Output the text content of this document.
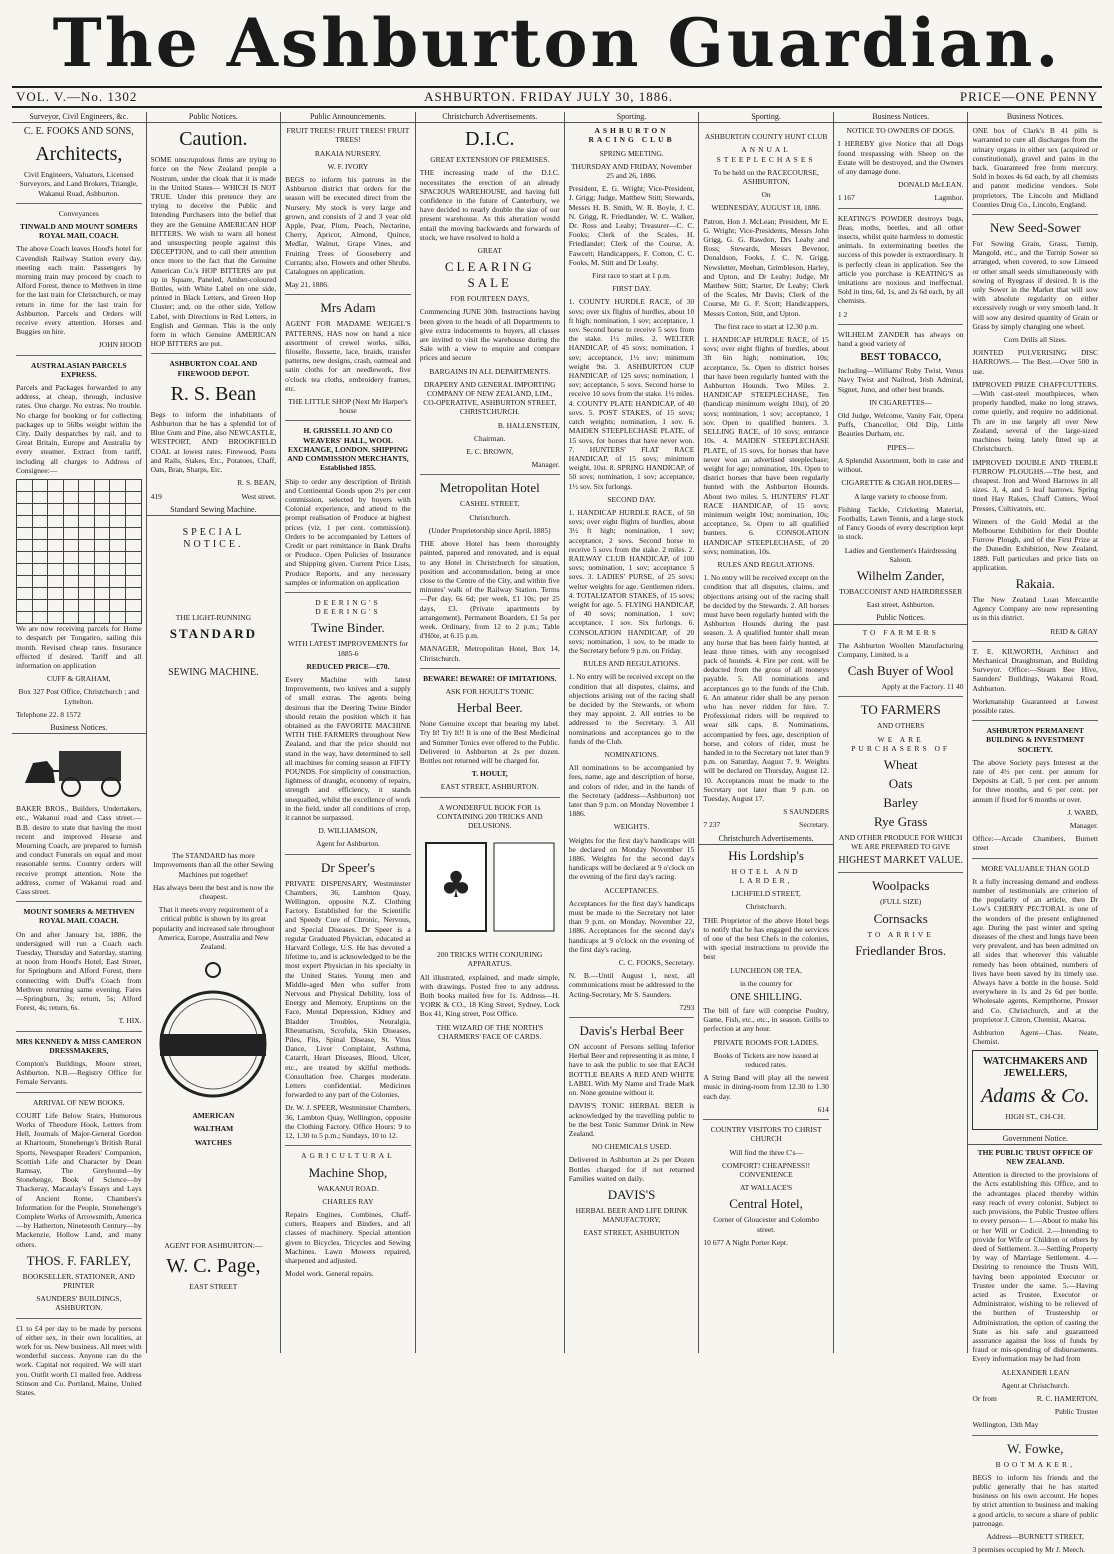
The Ashburton Guardian.
VOL. V.—No. 1302	ASHBURTON. FRIDAY JULY 30, 1886.	PRICE—ONE PENNY
Surveyor, Civil Engineers, &c.
C. E. FOOKS AND SONS,
Architects,

Civil Engineers, Valuators, Licensed Surveyors, and Land Brokers, Triangle, Wakanui Road, Ashburton.

Conveyances

TINWALD AND MOUNT SOMERS ROYAL MAIL COACH.

The above Coach leaves Hood's hotel for Cavendish Railway Station every day, meeting each train. Passengers by morning train may proceed by coach to Alford Forest, thence to Methven in time for the last train for Christchurch, or may return in time for the last train for Ashburton. Parcels and Orders will receive every attention. Horses and Buggies on hire.

JOHN HOOD

AUSTRALASIAN PARCELS EXPRESS.

Parcels and Packages forwarded to any address, at cheap, through, inclusive rates. One charge. No extras. No trouble. No charge for booking or for collecting packages up to 56lbs weight within the City. Daily despatches by rail, and to Great Britain, Europe and Australia by every steamer. Extract from tariff, including all charges to Address of Consignee:—

We are now receiving parcels for Home to despatch per Tongariro, sailing this month. Revised cheap rates. Insurance effected if desired. Tariff and all information on application

CUFF & GRAHAM,

Box 327 Post Office, Christchurch ; and Lyttelton.

Telephone 22. 8 1572

Business Notices.

BAKER BROS., Builders, Undertakers, etc., Wakanui road and Cass street.—B.B. desire to state that having the most recent and improved Hearse and Mourning Coach, are prepared to furnish and conduct Funerals on equal and most reasonable terms. Country orders will receive prompt attention. Note the address, corner of Wakanui road and Cass street.

MOUNT SOMERS & METHVEN ROYAL MAIL COACH.

On and after January 1st, 1886, the undersigned will run a Coach each Tuesday, Thursday and Saturday, starting at noon from Hood's Hotel, East Street, for Springburn and Alford Forest, there connecting with Duff's Coach from Methven returning same evening. Fares—Springburn, 3s; return, 5s; Alford Forest, 4s; return, 6s.

T. HIX.

MRS KENNEDY & MISS CAMERON DRESSMAKERS,

Compton's Buildings, Moore street, Ashburton. N.B.—Registry Office for Female Servants.

ARRIVAL OF NEW BOOKS.

COURT Life Below Stairs, Humorous Works of Theodore Hook, Letters from Hell, Journals of Major-General Gordon at Khartoum, Stonehenge's British Rural Sports, Newspaper Readers' Companion, Scottish Life and Character by Dean Ramsay, The Greyhound—by Stonehenge, Book of Science—by Thackeray, Macaulay's Essays and Lays of Ancient Rome, Chambers's Information for the People, Stonehenge's Complete Works of Arrowsmith, America—by Hatherton, Nineteenth Century—by Mackenzie, Hollow Land, and many others.

THOS. F. FARLEY,

BOOKSELLER, STATIONER, AND PRINTER

SAUNDERS' BUILDINGS, ASHBURTON.

£1 to £4 per day to be made by persons of either sex, in their own localities, at work for us. New business. All meet with wonderful success. Anyone can do the work. Capital not required. We will start you. Outfit worth £1 mailed free. Address Stinson and Co. Portland, Maine, United States.

Public Notices.
Caution.

SOME unscrupulous firms are trying to force on the New Zealand people a Nostrum, under the cloak that it is made in the United States— WHICH IS NOT TRUE. Under this pretence they are trying to deceive the Public and Intending Purchasers into the belief that they are the Genuine AMERICAN HOP BITTERS. We wish to warn all honest and unsuspecting people against this DECEPTION, and to call their attention once more to the fact that the Genuine American Co.'s HOP BITTERS are put up in Square, Paneled, Amber-coloured Bottles, with White Label on one side, printed in Black Letters, and Green Hop Cluster; and, on the other side, Yellow Label, with Directions in Red Letters, in English and German. This is the only form in which Genuine AMERICAN HOP BITTERS are put.

ASHBURTON COAL AND FIREWOOD DEPOT.

R. S. Bean

Begs to inform the inhabitants of Ashburton that he has a splendid lot of Blue Gum and Pine, also NEWCASTLE, WESTPORT, AND BROOKFIELD COAL at lowest rates. Firewood, Posts and Rails, Stakes, Etc., Potatoes, Chaff, Oats, Bran, Sharps, Etc.

R. S. BEAN,

419	West street.

Standard Sewing Machine.
SPECIAL NOTICE.

THE LIGHT-RUNNING

STANDARD
SEWING MACHINE.

The STANDARD has more Improvements than all the other Sewing Machines put together!

Has always been the best and is now the cheapest.

That it meets every requirement of a critical public is shown by its great popularity and increased sale throughout America, Europe, Australia and New Zealand.

AMERICAN

WALTHAM

WATCHES

AGENT FOR ASHBURTON:—

W. C. Page,

EAST STREET

Public Announcements.

FRUIT TREES! FRUIT TREES! FRUIT TREES!

RAKAIA NURSERY.

W. F. IVORY

BEGS to inform his patrons in the Ashburton district that orders for the season will be executed direct from the Nursery. My stock is very large and grown, and consists of 2 and 3 year old Apple, Pear, Plum, Peach, Nectarine, Cherry, Apricot, Almond, Quince, Medlar, Walnut, Grape Vines, and Fruiting Trees of Gooseberry and Currants; also, Flowers and other Shrubs. Catalogues on application.

May 21, 1886.

Mrs Adam

AGENT FOR MADAME WEIGEL'S PATTERNS, HAS now on hand a nice assortment of crewel works, silks, filoselle, flossette, lace, braids, transfer patterns, new designs, crash, oatmeal and satin cloths for art needlework, five o'clock tea cloths, embroidery frames, etc.

THE LITTLE SHOP (Next Mr Harper's house

H. GRISSELL JO AND CO WEAVERS' HALL, WOOL EXCHANGE, LONDON. SHIPPING AND COMMISSION MERCHANTS, Established 1855.

Ship to order any description of British and Continental Goods upon 2½ per cent commission, selected by buyers with Colonial experience, and attend to the prompt realisation of Produce at highest prices (viz. 1 per cent. commission). Orders to be accompanied by Letters of Credit or part remittance in Bank Drafts or Produce. Open Policies of Insurance and Shipping given. Current Price Lists, Produce Reports, and any necessary samples or information on application

DEERING'S DEERING'S

Twine Binder.

WITH LATEST IMPROVEMENTS for 1885-6

REDUCED PRICE—£70.

Every Machine with latest Improvements, two knives and a supply of small extras. The agents being desirous that the Deering Twine Binder should retain the position which it has obtained as the FAVORITE MACHINE WITH THE FARMERS throughout New Zealand, and that the price should not stand in the way, have determined to sell all machines for coming season at FIFTY POUNDS. For simplicity of construction, lightness of draught, economy of repairs, strength and efficiency, it stands unequalled, whilst the excellence of work in the field, under all conditions of crop, it cannot be surpassed.

D. WILLIAMSON,

Agent for Ashburton.

Dr Speer's

PRIVATE DISPENSARY, Westminster Chambers, 36, Lambton Quay, Wellington, opposite N.Z. Clothing Factory. Established for the Scientific and Speedy Cure of Chronic, Nervous, and Special Diseases. Dr Speer is a regular Graduated Physician, educated at Harvard College, U.S. He has devoted a lifetime to, and is acknowledged to be the most expert Physician in his specialty in the United States. Young men and Middle-aged Men who suffer from Nervous and Physical Debility, loss of Energy and Memory, Eruptions on the Face, Mental Depression, Kidney and Bladder Troubles, Neuralgia, Rheumatism, Scrofula, Skin Diseases, Piles, Fits, Spinal Disease, St. Vitus Dance, Liver Complaint, Asthma, Catarrh, Heart Diseases, Blood, Ulcer, etc., are treated by skilful methods. Consultation free. Charges moderate. Letters confidential. Medicines forwarded to any part of the Colonies.

Dr. W. J. SPEER, Westminster Chambers, 36, Lambton Quay, Wellington, opposite the Clothing Factory. Office Hours: 9 to 12, 1.30 to 5 p.m.; Sundays, 10 to 12.

AGRICULTURAL

Machine Shop,

WAKANUI ROAD.

CHARLES RAY

Repairs Engines, Combines, Chaff-cutters, Reapers and Binders, and all classes of machinery. Special attention given to Bicycles, Tricycles and Sewing Machines. Lawn Mowers repaired, sharpened and adjusted.

Model work. General repairs.

Christchurch Advertisements.
D.I.C.

GREAT EXTENSION OF PREMISES.

THE increasing trade of the D.I.C. necessitates the erection of an already SPACIOUS WAREHOUSE, and having full confidence in the future of Canterbury, we have decided to nearly double the size of our present warehouse. As this alteration would entail the moving backwards and forwards of stock, we have resolved to hold a

GREAT

CLEARING SALE

FOR FOURTEEN DAYS,

Commencing JUNE 30th. Instructions having been given to the heads of all Departments to give extra inducements to buyers, all classes are invited to visit the warehouse during the Sale with a view to enquire and compare prices and secure

BARGAINS IN ALL DEPARTMENTS.

DRAPERY AND GENERAL IMPORTING COMPANY OF NEW ZEALAND, LIM., CO-OPERATIVE, ASHBURTON STREET, CHRISTCHURCH.

B. HALLENSTEIN,

Chairman.

E. C. BROWN,

Manager.

Metropolitan Hotel

CASHEL STREET,

Christchurch.

(Under Proprietorship since April, 1885)

THE above Hotel has been thoroughly painted, papered and renovated, and is equal to any Hotel in Christchurch for situation, position and accommodation, being at once close to the Centre of the City, and within five minutes' walk of the Railway Station. Terms—Per day, 6s 6d; per week, £1 10s; per 25 days, £3. (Private apartments by arrangement). Permanent Boarders, £1 5s per week. Ordinary, from 12 to 2 p.m.; Table d'Hôte, at 6.15 p.m.

MANAGER, Metropolitan Hotel, Box 14, Christchurch.

BEWARE! BEWARE! OF IMITATIONS.

ASK FOR HOULT'S TONIC

Herbal Beer.

None Genuine except that bearing my label. Try It! Try It!! It is one of the Best Medicinal and Summer Tonics ever offered to the Public. Delivered in Ashburton at 2s per dozen. Bottles not returned will be charged for.

T. HOULT,

EAST STREET, ASHBURTON.

A WONDERFUL BOOK FOR 1s CONTAINING 200 TRICKS AND DELUSIONS.

♣

200 TRICKS WITH CONJURING APPARATUS.

All illustrated, explained, and made simple, with drawings. Posted free to any address. Both books mailed free for 1s. Address—H. YORK & CO., 18 King Street, Sydney, Lock Box 41, King street, Post Office.

THE WIZARD OF THE NORTH'S CHARMERS' FACE OF CARDS.

Sporting.

ASHBURTON RACING CLUB

SPRING MEETING.

THURSDAY AND FRIDAY, November 25 and 26, 1886.

President, E. G. Wright; Vice-President, J. Grigg; Judge, Matthew Stitt; Stewards, Messrs H. B. Smith, W. R. Boyle, J. C. N. Grigg, R. Friedlander, W. C. Walker, Dr. Ross and Leahy; Treasurer—C. C. Fooks; Clerk of the Scales, H. Friedlander; Clerk of the Course, A. Fawcett; Handicappers, F. Cotton, C. C. Fooks, M. Stitt and Dr Leahy.

First race to start at 1 p.m.

FIRST DAY.

1. COUNTY HURDLE RACE, of 30 sovs; over six flights of hurdles, about 10 ft high; nomination, 1 sov; acceptance, 1 sov. Second horse to receive 5 sovs from the stake. 1½ miles. 2. WELTER HANDICAP, of 45 sovs; nomination, 1 sov; acceptance, 1½ sov; minimum weight 9st. 3. ASHBURTON CUP HANDICAP, of 125 sovs; nomination, 1 sov; acceptance, 5 sovs. Second horse to receive 10 sovs from the stake. 1½ miles. 4. COUNTY PLATE HANDICAP, of 40 sovs. 5. POST STAKES, of 15 sovs; catch weights; nomination, 1 sov. 6. MAIDEN STEEPLECHASE PLATE, of 15 sovs, for horses that have never won. 7. HUNTERS' FLAT RACE HANDICAP, of 15 sovs; minimum weight, 10st. 8. SPRING HANDICAP, of 50 sovs; nomination, 1 sov; acceptance, 1½ sov. Six furlongs.

SECOND DAY.

1. HANDICAP HURDLE RACE, of 50 sovs; over eight flights of hurdles, about 3½ ft high; nomination, 1 sov; acceptance, 2 sovs. Second horse to receive 5 sovs from the stake. 2 miles. 2. RAILWAY CLUB HANDICAP, of 100 sovs; nomination, 1 sov; acceptance 5 sovs. 3. LADIES' PURSE, of 25 sovs; welter weights for age. Gentlemen riders. 4. TOTALIZATOR STAKES, of 15 sovs; weight for age. 5. FLYING HANDICAP, of 40 sovs; nomination, 1 sov; acceptance, 1 sov. Six furlongs. 6. CONSOLATION HANDICAP, of 20 sovs; nomination, 1 sov, to be made to the Secretary before 9 p.m. on Friday.

RULES AND REGULATIONS.

1. No entry will be received except on the condition that all disputes, claims, and objections arising out of the racing shall be decided by the Stewards, or whom they may appoint. 2. All entries to be addressed to the Secretary. 3. All nominations and acceptances go to the funds of the Club.

NOMINATIONS.

All nominations to be accompanied by fees, name, age and description of horse, and colors of rider, and in the hands of the Secretary (address—Ashburton) not later than 9 p.m. on Monday November 1 1886.

WEIGHTS.

Weights for the first day's handicaps will be declared on Monday November 15 1886. Weights for the second day's handicaps will be declared at 9 o'clock on the evening of the first day's racing.

ACCEPTANCES.

Acceptances for the first day's handicaps must be made to the Secretary not later than 9 p.m. on Monday, November 22, 1886. Acceptances for the second day's handicaps at 9 o'clock on the evening of the first day's racing.

C. C. FOOKS, Secretary.

N. B.—Until August 1, next, all communications must be addressed to the Acting-Secretary, Mr S. Saunders.

7293

Davis's Herbal Beer

ON account of Persons selling Inferior Herbal Beer and representing it as mine, I have to ask the public to see that EACH BOTTLE BEARS A RED AND WHITE LABEL With My Name and Trade Mark on. None genuine without it.

DAVIS'S TONIC HERBAL BEER is acknowledged by the travelling public to be the best Tonic Summer Drink in New Zealand.

NO CHEMICALS USED.

Delivered in Ashburton at 2s per Dozen Bottles charged for if not returned Families waited on daily.

DAVIS'S

HERBAL BEER AND LIFE DRINK MANUFACTORY,

EAST STREET, ASHBURTON

Sporting.

ASHBURTON COUNTY HUNT CLUB

ANNUAL STEEPLECHASES

To be held on the RACECOURSE, ASHBURTON,

On

WEDNESDAY, AUGUST 18, 1886.

Patron, Hon J. McLean; President, Mr E. G. Wright; Vice-Presidents, Messrs John Grigg, G. G. Rawdon, Drs Leahy and Ross; Stewards, Messrs Bevenor, Donaldson, Fooks, J. C. N. Grigg, Newsletter, Meehan, Grimbleson, Harley, and Upton, and Dr Leahy; Judge, Mr Matthew Stitt; Starter, Dr Leahy; Clerk of the Scales, Mr Davis; Clerk of the Course, Mr G. F. Scott; Handicappers, Messrs Cotton, Stitt, and Upton.

The first race to start at 12.30 p.m.

1. HANDICAP HURDLE RACE, of 15 sovs; over eight flights of hurdles, about 3ft 6in high; nomination, 10s; acceptance, 5s. Open to district horses that have been regularly hunted with the Ashburton Hounds. Two Miles. 2. HANDICAP STEEPLECHASE, Ten (handicap minimum weight 10st), of 20 sovs; nomination, 1 sov; acceptance, 1 sov. Open to qualified hunters. 3. SELLING RACE, of 10 sovs; entrance 10s. 4. MAIDEN STEEPLECHASE PLATE, of 15 sovs, for horses that have never won an advertised steeplechase; weight for age; nomination, 10s. Open to district horses that have been regularly hunted with the Ashburton Hounds. About two miles. 5. HUNTERS' FLAT RACE HANDICAP, of 15 sovs; minimum weight 10st; nomination, 10s; acceptance, 5s. Open to all qualified hunters. 6. CONSOLATION HANDICAP STEEPLECHASE, of 20 sovs; nomination, 10s.

RULES AND REGULATIONS.

1. No entry will be received except on the condition that all disputes, claims, and objections arising out of the racing shall be decided by the Stewards. 2. All horses must have been regularly hunted with the Ashburton Hounds during the past season. 3. A qualified hunter shall mean any horse that has been fairly hunted, at least three times, with any recognised pack of hounds. 4. Fire per cent. will be deducted from the gross of all moneys payable. 5. All nominations and acceptances go to the funds of the Club. 6. An amateur rider shall be any person who has never ridden for hire. 7. Professional riders will be required to wear silk caps. 8. Nominations, accompanied by fees, age, description of horse, and colors of rider, must be handed in to the Secretary not later than 9 p.m. on Saturday, August 7. 9. Weights will be declared on Thursday, August 12. 10. Acceptances must be made to the Secretary not later than 9 p.m. on Tuesday, August 17.

S SAUNDERS

7 237	Secretary.

Christchurch Advertisements.
His Lordship's

HOTEL AND LARDER,

LICHFIELD STREET,

Christchurch.

THE Proprietor of the above Hotel begs to notify that he has engaged the services of one of the best Chefs in the colonies, with special instructions to provide the best

LUNCHEON OR TEA,

in the country for

ONE SHILLING.

The bill of fare will comprise Poultry, Game, Fish, etc., etc., in season. Grills to perfection at any hour.

PRIVATE ROOMS FOR LADIES.

Books of Tickets are now issued at reduced rates.

A String Band will play all the newest music in dining-room from 12.30 to 1.30 each day.

614

COUNTRY VISITORS TO CHRIST CHURCH

Will find the three C's—

COMFORT! CHEAPNESS!! CONVENIENCE

AT WALLACE'S

Central Hotel,

Corner of Gloucester and Colombo street.

10 677 A Night Porter Kept.

Business Notices.

NOTICE TO OWNERS OF DOGS.

I HEREBY give Notice that all Dogs found trespassing with Sheep on the Estate will be destroyed, and the Owners of any damage done.

DONALD McLEAN.

1 167	Lagmhor.

KEATING'S POWDER destroys bugs, fleas, moths, beetles, and all other insects, whilst quite harmless to domestic animals. In exterminating beetles the success of this powder is extraordinary. It is perfectly clean in application. See the article you purchase is KEATING'S as imitations are noxious and ineffectual. Sold in tins, 6d, 1s, and 2s 6d each, by all chemists.

1 2

WILHELM ZANDER has always on hand a good variety of

BEST TOBACCO,

Including—Williams' Ruby Twist, Venus Navy Twist and Nailrod, Irish Admiral, Signet, Juno, and other best brands.

IN CIGARETTES—

Old Judge, Welcome, Vanity Fair, Opera Puffs, Chancellor, Old Dip, Little Beauties Durham, etc.

PIPES—

A Splendid Assortment, both in case and without.

CIGARETTE & CIGAR HOLDERS—

A large variety to choose from.

Fishing Tackle, Cricketing Material, Footballs, Lawn Tennis, and a large stock of Fancy Goods of every description kept in stock.

Ladies and Gentlemen's Hairdressing Saloon.

Wilhelm Zander,

TOBACCONIST AND HAIRDRESSER

East street, Ashburton.

Public Notices.

TO FARMERS

The Ashburton Woollen Manufacturing Company, Limited, is a

Cash Buyer of Wool

Apply at the Factory. 11 40

TO FARMERS

AND OTHERS

WE ARE PURCHASERS OF

Wheat
Oats
Barley
Rye Grass

AND OTHER PRODUCE FOR WHICH WE ARE PREPARED TO GIVE

HIGHEST MARKET VALUE.
Woolpacks

(FULL SIZE)

Cornsacks

TO ARRIVE

Friedlander Bros.
Business Notices.

ONE box of Clark's B 41 pills is warranted to cure all discharges from the urinary organs in either sex (acquired or constitutional), gravel and pains in the back. Guaranteed free from mercury. Sold in boxes 4s 6d each, by all chemists and patent medicine vendors. Sole proprietors, The Lincoln and Midland Counties Drug Co., Lincoln, England.

New Seed-Sower

For Sowing Grain, Grass, Turnip, Mangold, etc., and the Turnip Sower so arranged, when covered, to sow Linseed or other small seeds simultaneously with sowing of Ryegrass if desired. It is the only Sower in the Market that will sow with absolute regularity on either excessively rough or very smooth land. It will sow any desired quantity of Grain or Grass by simply changing one wheel.

Corn Drills all Sizes.

JOINTED PULVERISING DISC HARROWS.— The Best.—Over 500 in use.

IMPROVED PRIZE CHAFFCUTTERS.—With cast-steel mouthpieces, when properly handled, make no long straws, come quietly, and require no additional. Th are in use largely all over New Zealand, several of the large-sized machines being lately fitted up at Christchurch.

IMPROVED DOUBLE AND TREBLE FURROW PLOUGHS.—The best, and cheapest. Iron and Wood Harrows in all sizes. 3, 4, and 5 leaf harrows. Spring tined Hay Rakes, Chaff Cutters, Wool Presses, Cultivators, etc.

Winners of the Gold Medal at the Melbourne Exhibition for their Double Furrow Plough, and of the First Prize at the Dunedin Exhibition, New Zealand, 1889. Full particulars and price lists on application.

Rakaia.

The New Zealand Loan Mercantile Agency Company are now representing us in this district.

REID & GRAY

T. E. KILWORTH, Architect and Mechanical Draughtsman, and Building Surveyor. Office:—Steam Bee Hive, Saunders' Buildings, Wakanui Road, Ashburton.

Workmanship Guaranteed at Lowest possible rates.

ASHBURTON PERMANENT BUILDING & INVESTMENT SOCIETY.

The above Society pays Interest at the rate of 4½ per cent. per annum for Deposits at Call, 5 per cent. per annum for three months, and 6 per cent. per annum if fixed for 6 months or over.

J. WARD,

Manager.

Office:—Arcade Chambers, Burnett street

MORE VALUABLE THAN GOLD

It a fully increasing demand and endless number of testimonials are criterion of the popularity of an article, then Dr Low's CHERRY PECTORAL is one of the wonders of the present enlightened age. During the past winter and spring diseases of the chest and lungs have been very prevalent, and has been admitted on all sides that wherever this valuable remedy has been obtained, numbers of lives have been saved by its timely use. Always have a bottle in the house. Sold everywhere in 1s and 2s 6d per bottle. Wholesale agents, Kempthorne, Prosser and Co. Christchurch, and at the proprietor J. Citron, Chemist, Akaroa.

Ashburton Agent—Chas. Neate, Chemist.

WATCHMAKERS AND JEWELLERS,
Adams & Co.

HIGH ST., CH-CH.

Government Notice.

THE PUBLIC TRUST OFFICE OF NEW ZEALAND.

Attention is directed to the provisions of the Acts establishing this Office, and to the advantages placed thereby within easy reach of every colonist. Subject to such provisions, the Public Trustee offers to every person— 1.—About to make his or her Will or Codicil. 2.—Intending to provide for Wife or Children or others by deed of Settlement. 3.—Settling Property by way of Marriage Settlement. 4.—Desiring to renounce the Trusts Will, having been appointed Executor or Trustee under the same. 5.—Having acted as Trustee, Executor or Administrator, wishing to be relieved of the burthen of Trusteeship or Administration, the option of casting the State as his safe and guaranteed assurance against the loss of funds by fraud or mis-spending of disbursements. Every information may be had from

ALEXANDER LEAN

Agent at Christchurch.

Or from	R. C. HAMERTON,

Public Trustee

Wellington, 13th May

W. Fowke,

BOOTMAKER,

BEGS to inform his friends and the public generally that he has started business on his own account. He hopes by strict attention to business and making a good article, to secure a share of public patronage.

Address—BURNETT STREET,

3 premises occupied by Mr J. Meech.
